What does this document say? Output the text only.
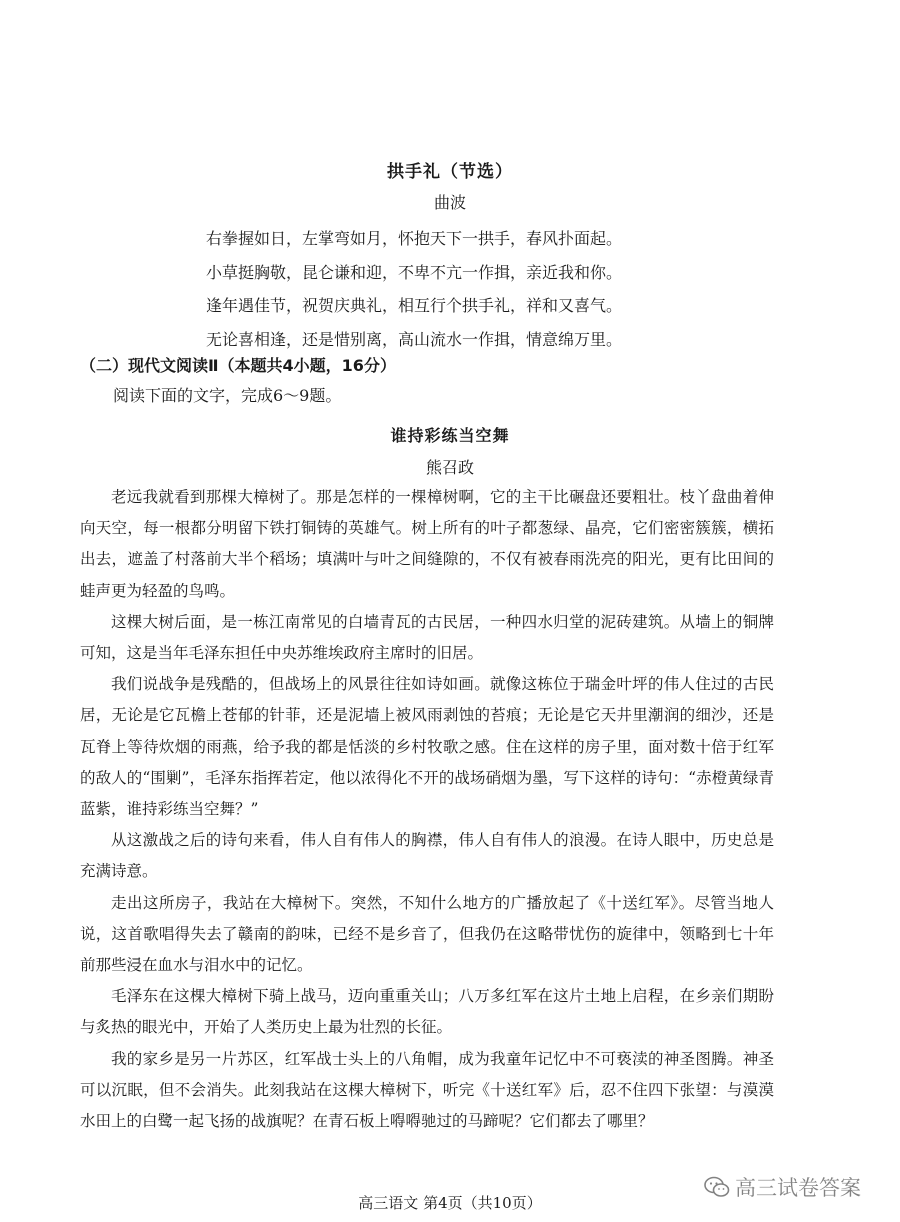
拱手礼（节选）
曲波
右拳握如日，左掌弯如月，怀抱天下一拱手，春风扑面起。
小草挺胸敬，昆仑谦和迎，不卑不亢一作揖，亲近我和你。
逢年遇佳节，祝贺庆典礼，相互行个拱手礼，祥和又喜气。
无论喜相逢，还是惜别离，高山流水一作揖，情意绵万里。
（二）现代文阅读Ⅱ（本题共4小题，16分）
阅读下面的文字，完成6～9题。
谁持彩练当空舞
熊召政

老远我就看到那棵大樟树了。那是怎样的一棵樟树啊，它的主干比碾盘还要粗壮。枝丫盘曲着伸向天空，每一根都分明留下铁打铜铸的英雄气。树上所有的叶子都葱绿、晶亮，它们密密簇簇，横拓出去，遮盖了村落前大半个稻场；填满叶与叶之间缝隙的，不仅有被春雨洗亮的阳光，更有比田间的蛙声更为轻盈的鸟鸣。

这棵大树后面，是一栋江南常见的白墙青瓦的古民居，一种四水归堂的泥砖建筑。从墙上的铜牌可知，这是当年毛泽东担任中央苏维埃政府主席时的旧居。

我们说战争是残酷的，但战场上的风景往往如诗如画。就像这栋位于瑞金叶坪的伟人住过的古民居，无论是它瓦檐上苍郁的针菲，还是泥墙上被风雨剥蚀的苔痕；无论是它天井里潮润的细沙，还是瓦脊上等待炊烟的雨燕，给予我的都是恬淡的乡村牧歌之感。住在这样的房子里，面对数十倍于红军的敌人的“围剿”，毛泽东指挥若定，他以浓得化不开的战场硝烟为墨，写下这样的诗句：“赤橙黄绿青蓝紫，谁持彩练当空舞？”

从这激战之后的诗句来看，伟人自有伟人的胸襟，伟人自有伟人的浪漫。在诗人眼中，历史总是充满诗意。

走出这所房子，我站在大樟树下。突然，不知什么地方的广播放起了《十送红军》。尽管当地人说，这首歌唱得失去了赣南的韵味，已经不是乡音了，但我仍在这略带忧伤的旋律中，领略到七十年前那些浸在血水与泪水中的记忆。

毛泽东在这棵大樟树下骑上战马，迈向重重关山；八万多红军在这片土地上启程，在乡亲们期盼与炙热的眼光中，开始了人类历史上最为壮烈的长征。

我的家乡是另一片苏区，红军战士头上的八角帽，成为我童年记忆中不可亵渎的神圣图腾。神圣可以沉眠，但不会消失。此刻我站在这棵大樟树下，听完《十送红军》后，忍不住四下张望：与漠漠水田上的白鹭一起飞扬的战旗呢？在青石板上嘚嘚驰过的马蹄呢？它们都去了哪里？

高三语文 第4页（共10页）
高三试卷答案
